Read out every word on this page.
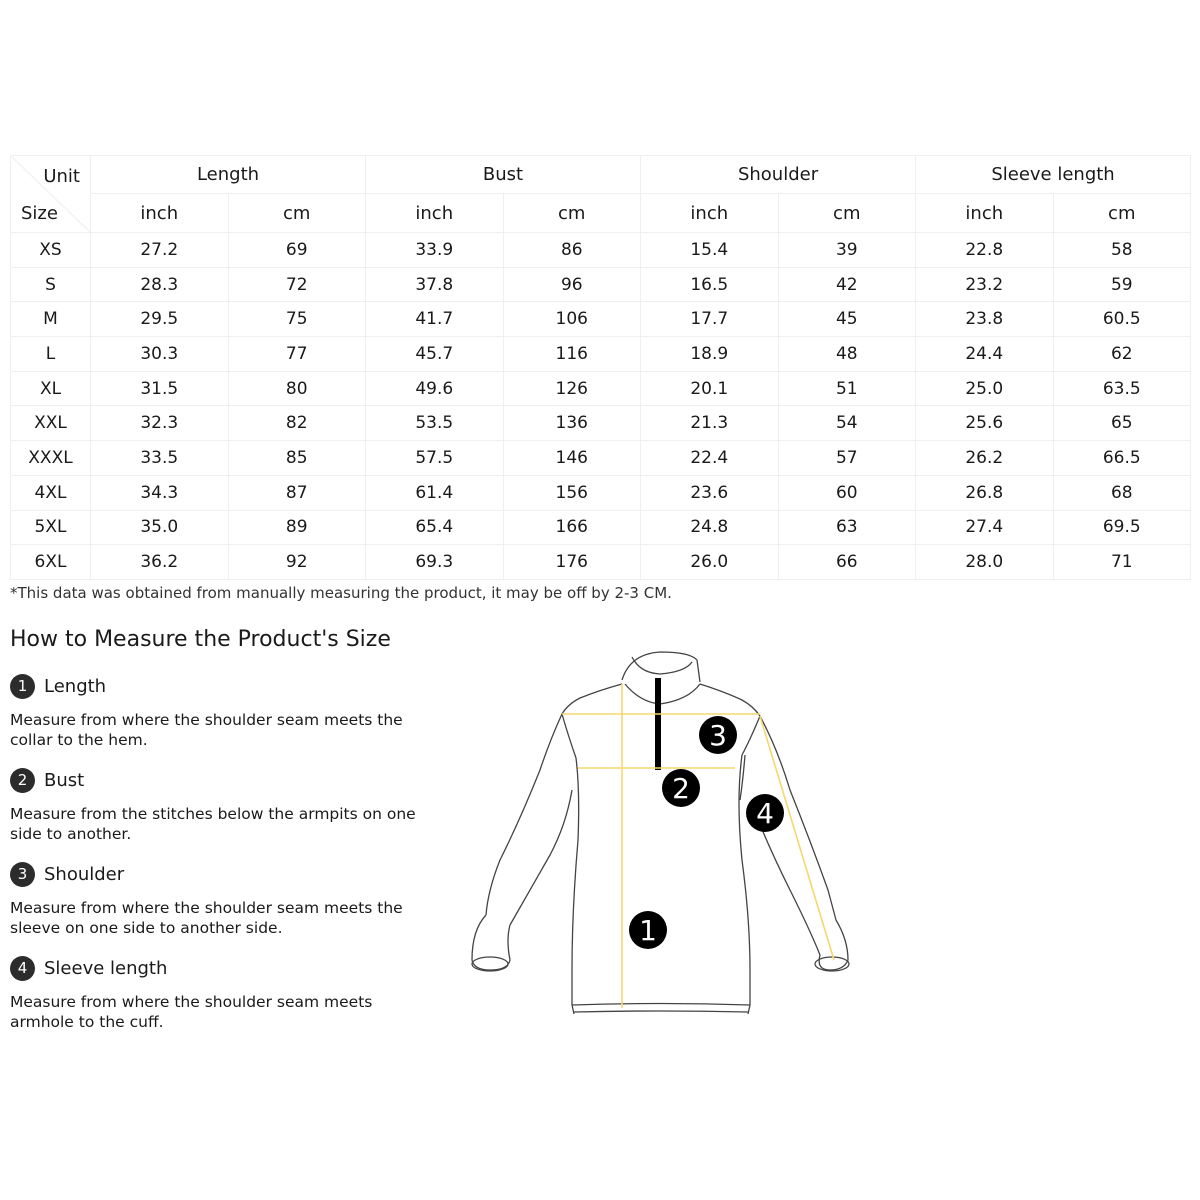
Unit
Size	Length		Bust		Shoulder		Sleeve length	
	inch	cm	inch	cm	inch	cm	inch	cm
XS	27.2	69	33.9	86	15.4	39	22.8	58
S	28.3	72	37.8	96	16.5	42	23.2	59
M	29.5	75	41.7	106	17.7	45	23.8	60.5
L	30.3	77	45.7	116	18.9	48	24.4	62
XL	31.5	80	49.6	126	20.1	51	25.0	63.5
XXL	32.3	82	53.5	136	21.3	54	25.6	65
XXXL	33.5	85	57.5	146	22.4	57	26.2	66.5
4XL	34.3	87	61.4	156	23.6	60	26.8	68
5XL	35.0	89	65.4	166	24.8	63	27.4	69.5
6XL	36.2	92	69.3	176	26.0	66	28.0	71
*This data was obtained from manually measuring the product, it may be off by 2-3 CM.
How to Measure the Product's Size
1 Length
Measure from where the shoulder seam meets the collar to the hem.
2 Bust
Measure from the stitches below the armpits on one side to another.
3 Shoulder
Measure from where the shoulder seam meets the sleeve on one side to another side.
4 Sleeve length
Measure from where the shoulder seam meets armhole to the cuff.
3
2
4
1
